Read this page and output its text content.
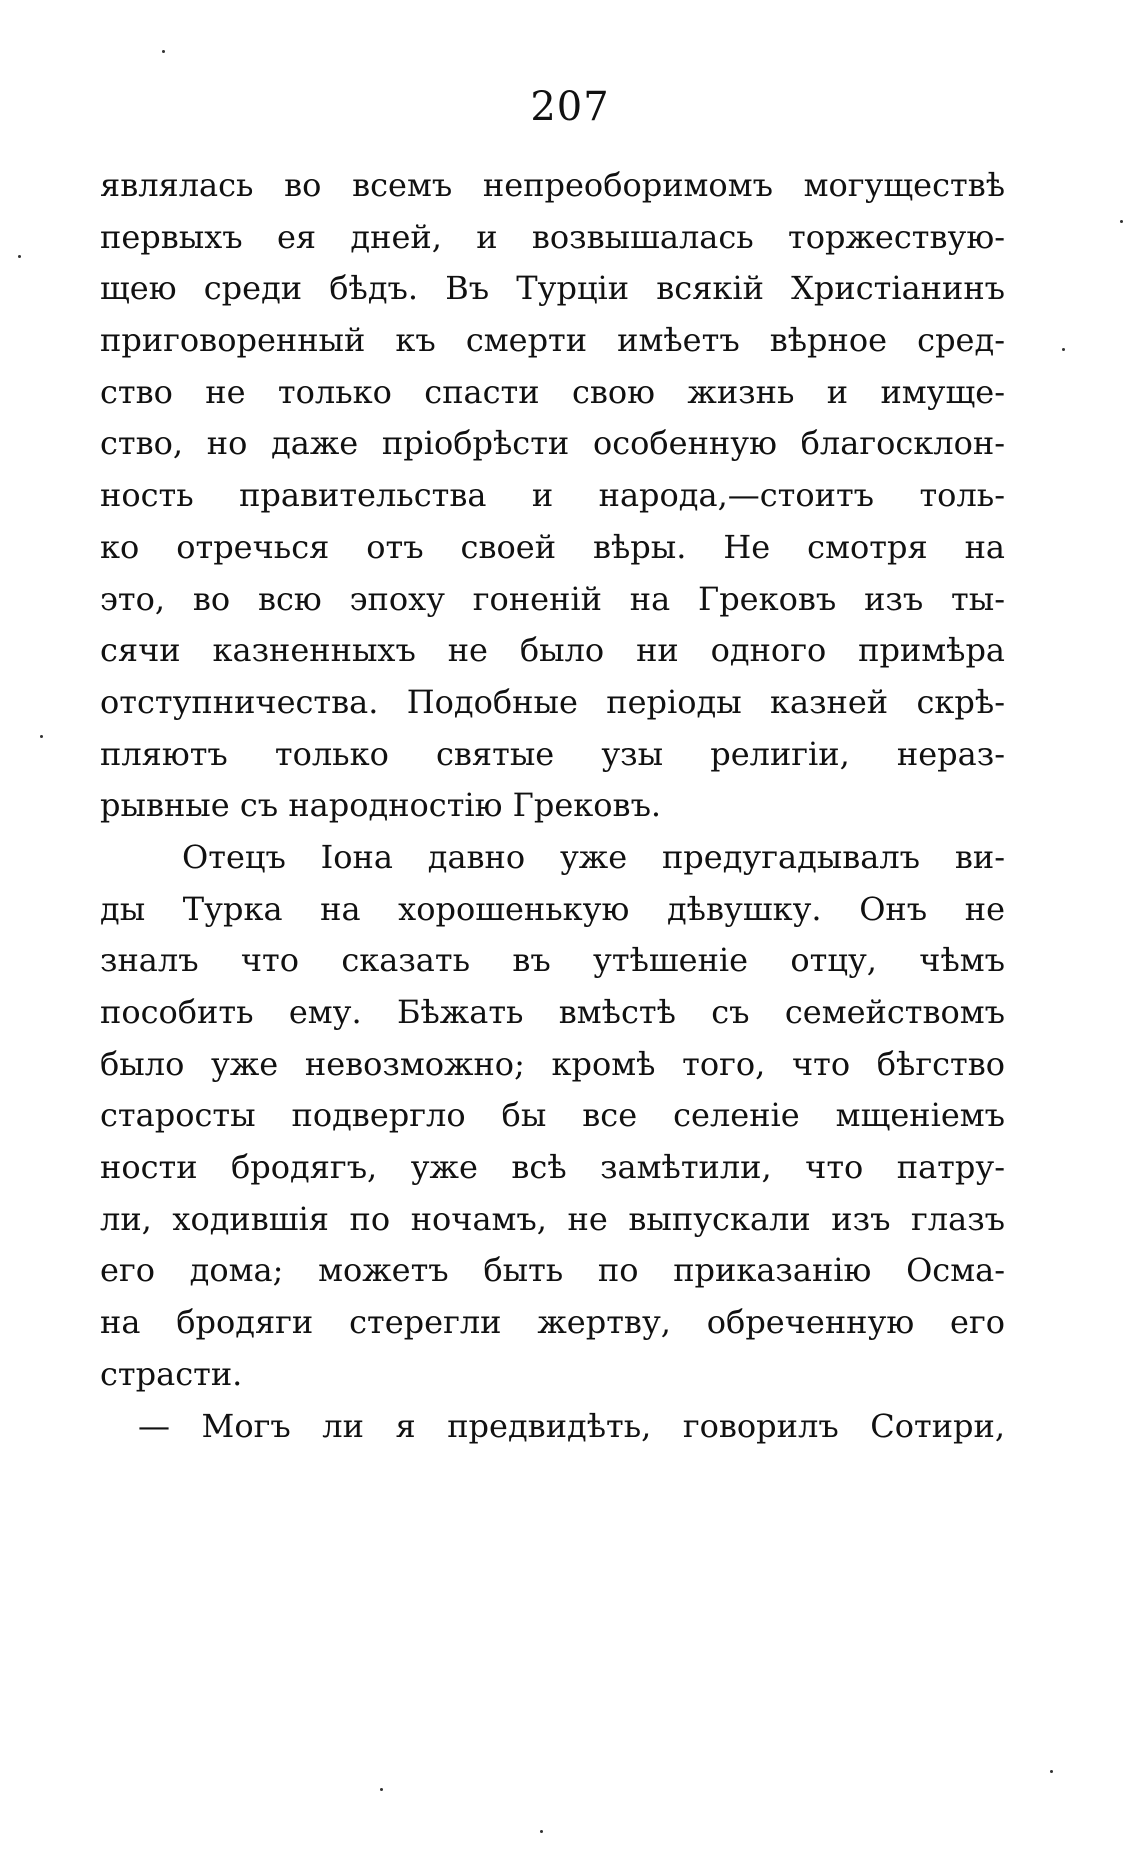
207
являлась во всемъ непреоборимомъ могуществѣ
первыхъ ея дней, и возвышалась торжествую-
щею среди бѣдъ. Въ Турціи всякій Христіанинъ
приговоренный къ смерти имѣетъ вѣрное сред-
ство не только спасти свою жизнь и имуще-
ство, но даже пріобрѣсти особенную благосклон-
ность правительства и народа,—стоитъ толь-
ко отречься отъ своей вѣры. Не смотря на
это, во всю эпоху гоненій на Грековъ изъ ты-
сячи казненныхъ не было ни одного примѣра
отступничества. Подобные періоды казней скрѣ-
пляютъ только святые узы религіи, нераз-
рывные съ народностію Грековъ.
Отецъ Іона давно уже предугадывалъ ви-
ды Турка на хорошенькую дѣвушку. Онъ не
зналъ что сказать въ утѣшеніе отцу, чѣмъ
пособить ему. Бѣжать вмѣстѣ съ семействомъ
было уже невозможно; кромѣ того, что бѣгство
старосты подвергло бы все селеніе мщеніемъ
ности бродягъ, уже всѣ замѣтили, что патру-
ли, ходившія по ночамъ, не выпускали изъ глазъ
его дома; можетъ быть по приказанію Осма-
на бродяги стерегли жертву, обреченную его
страсти.
— Могъ ли я предвидѣть, говорилъ Сотири,
